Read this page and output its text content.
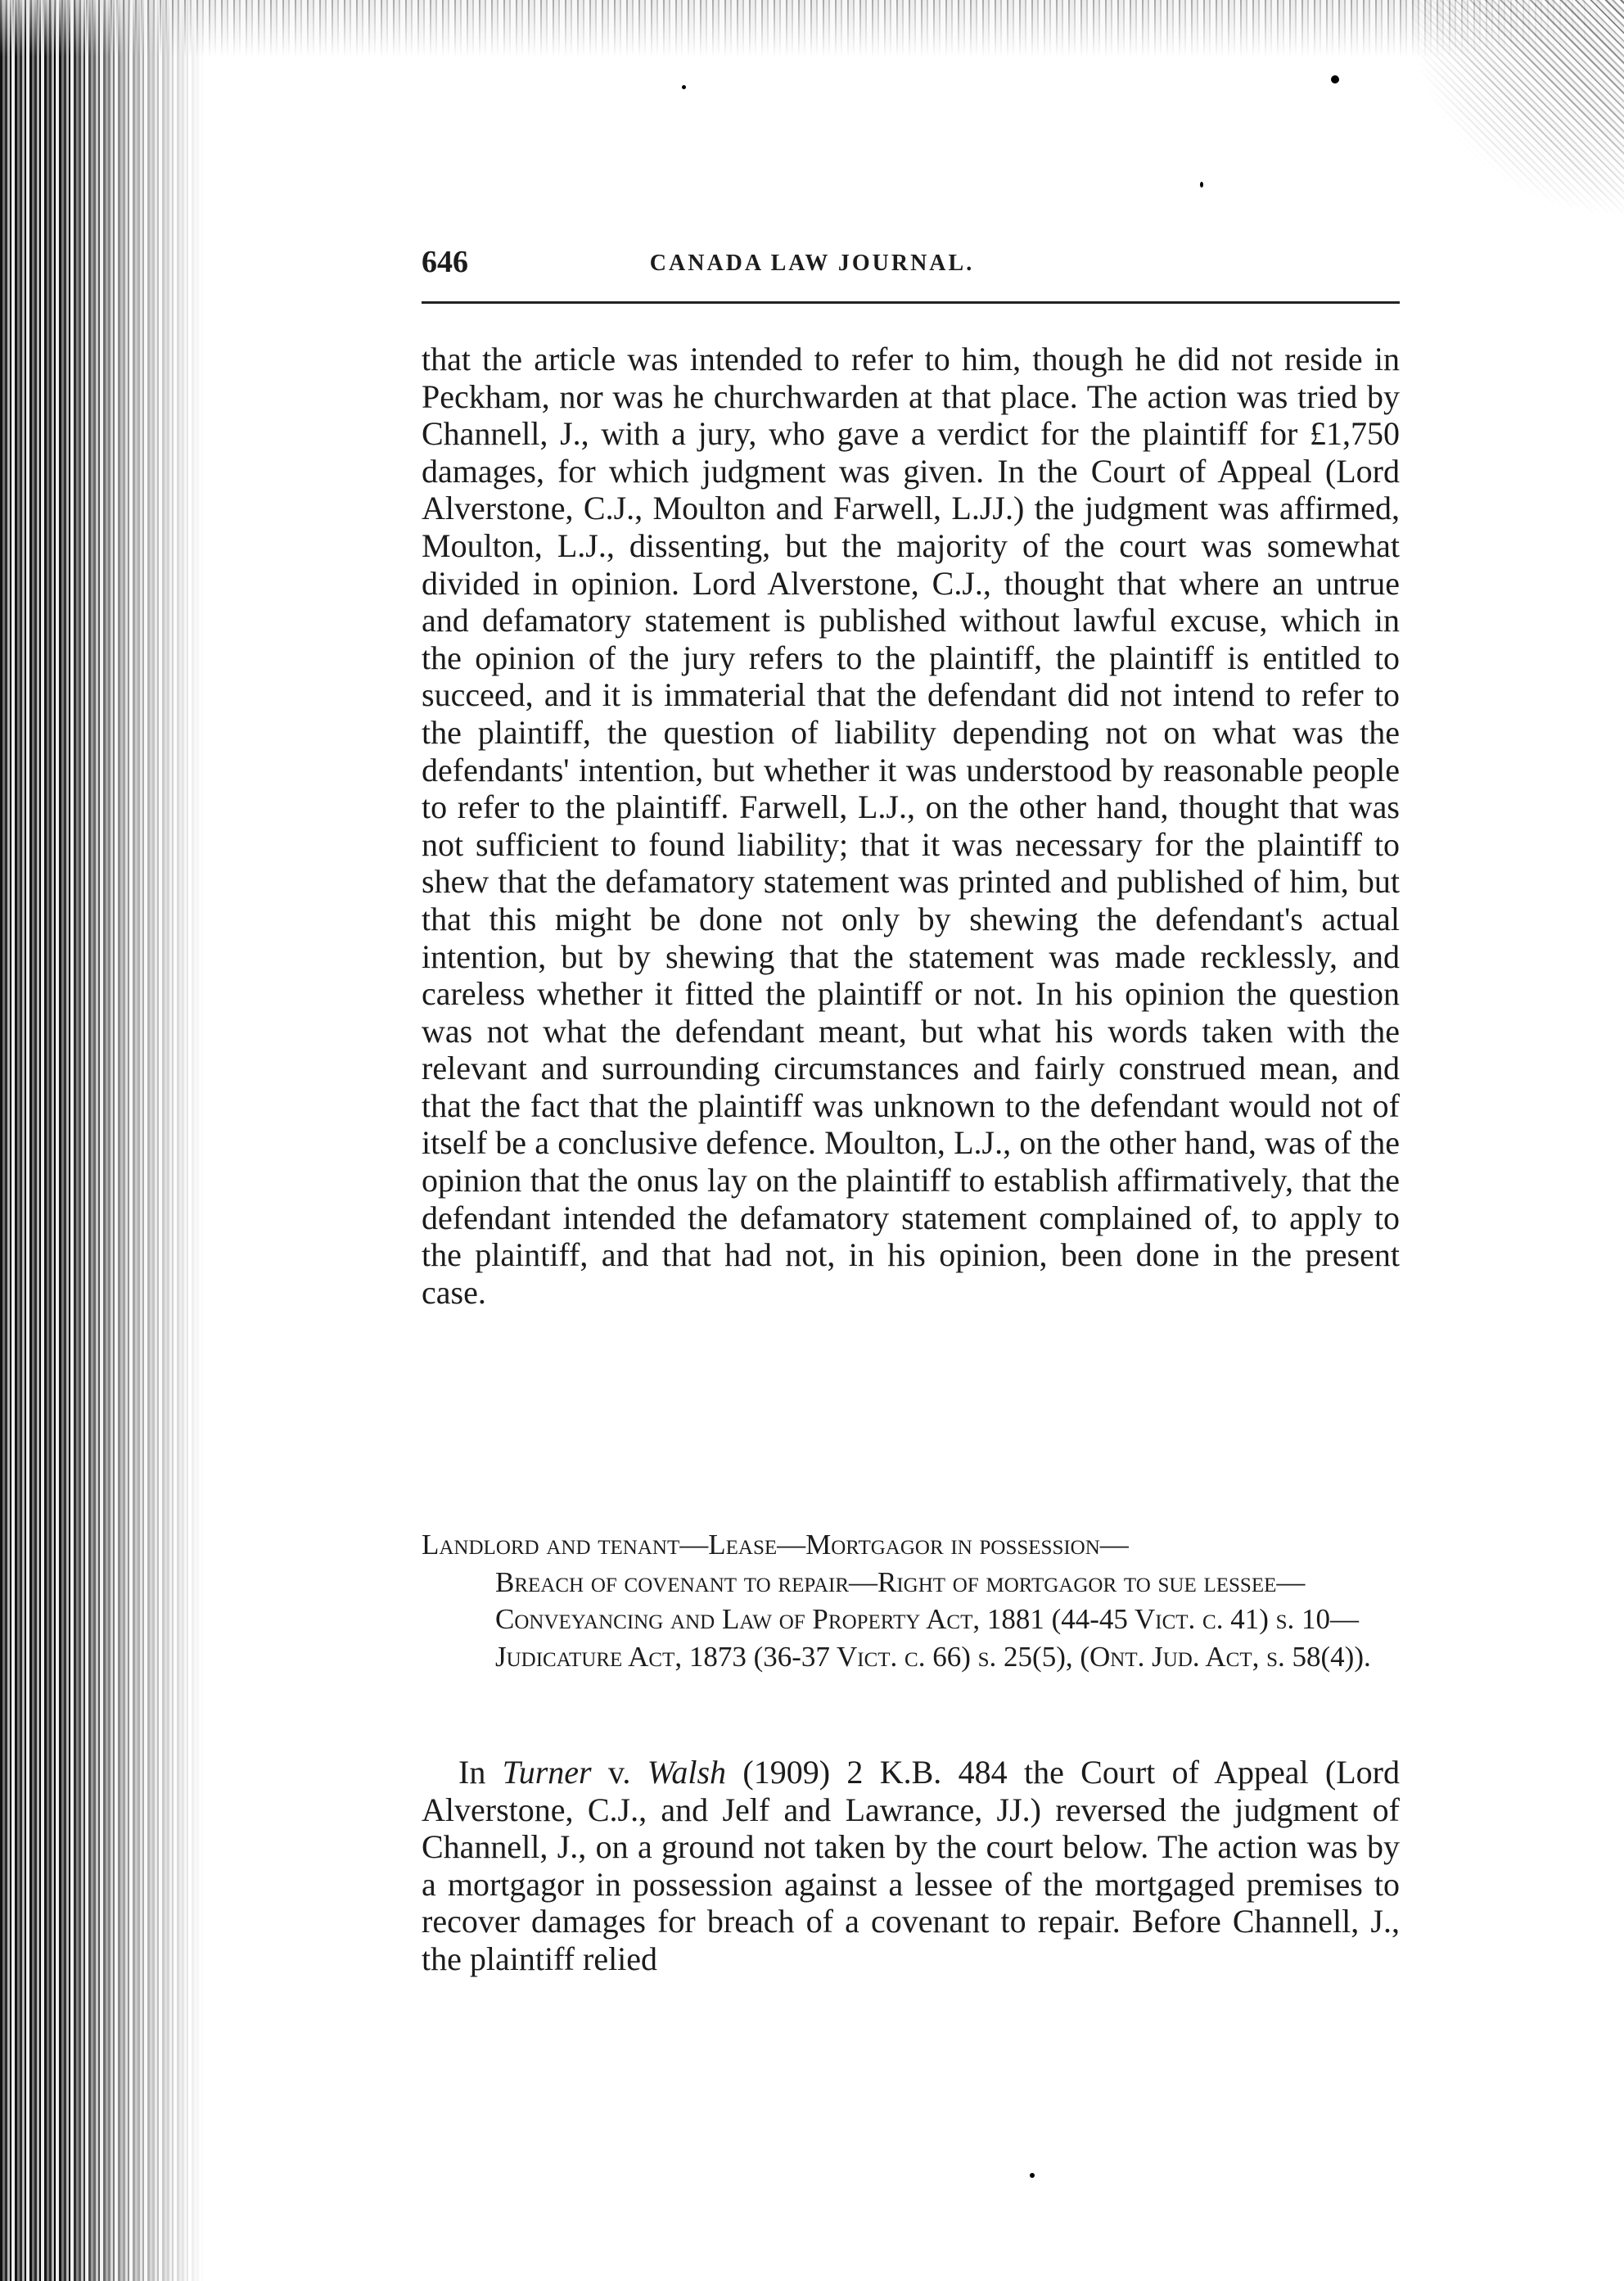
646	CANADA LAW JOURNAL.

that the article was intended to refer to him, though he did not reside in Peckham, nor was he churchwarden at that place. The action was tried by Channell, J., with a jury, who gave a verdict for the plaintiff for £1,750 damages, for which judgment was given. In the Court of Appeal (Lord Alverstone, C.J., Moulton and Farwell, L.JJ.) the judgment was affirmed, Moulton, L.J., dissenting, but the majority of the court was somewhat divided in opinion. Lord Alverstone, C.J., thought that where an untrue and defamatory statement is published without lawful excuse, which in the opinion of the jury refers to the plaintiff, the plaintiff is entitled to succeed, and it is immaterial that the defendant did not intend to refer to the plaintiff, the question of liability depending not on what was the defendants' intention, but whether it was understood by reasonable people to refer to the plaintiff. Farwell, L.J., on the other hand, thought that was not sufficient to found liability; that it was necessary for the plaintiff to shew that the defamatory statement was printed and published of him, but that this might be done not only by shewing the defendant's actual intention, but by shewing that the statement was made recklessly, and careless whether it fitted the plaintiff or not. In his opinion the question was not what the defendant meant, but what his words taken with the relevant and surrounding circumstances and fairly construed mean, and that the fact that the plaintiff was unknown to the defendant would not of itself be a conclusive defence. Moulton, L.J., on the other hand, was of the opinion that the onus lay on the plaintiff to establish affirmatively, that the defendant intended the defamatory statement complained of, to apply to the plaintiff, and that had not, in his opinion, been done in the present case.

Landlord and tenant—Lease—Mortgagor in possession—
Breach of covenant to repair—Right of mortgagor to sue lessee—Conveyancing and Law of Property Act, 1881 (44-45 Vict. c. 41) s. 10—Judicature Act, 1873 (36-37 Vict. c. 66) s. 25(5), (Ont. Jud. Act, s. 58(4)).

In Turner v. Walsh (1909) 2 K.B. 484 the Court of Appeal (Lord Alverstone, C.J., and Jelf and Lawrance, JJ.) reversed the judgment of Channell, J., on a ground not taken by the court below. The action was by a mortgagor in possession against a lessee of the mortgaged premises to recover damages for breach of a covenant to repair. Before Channell, J., the plaintiff relied
